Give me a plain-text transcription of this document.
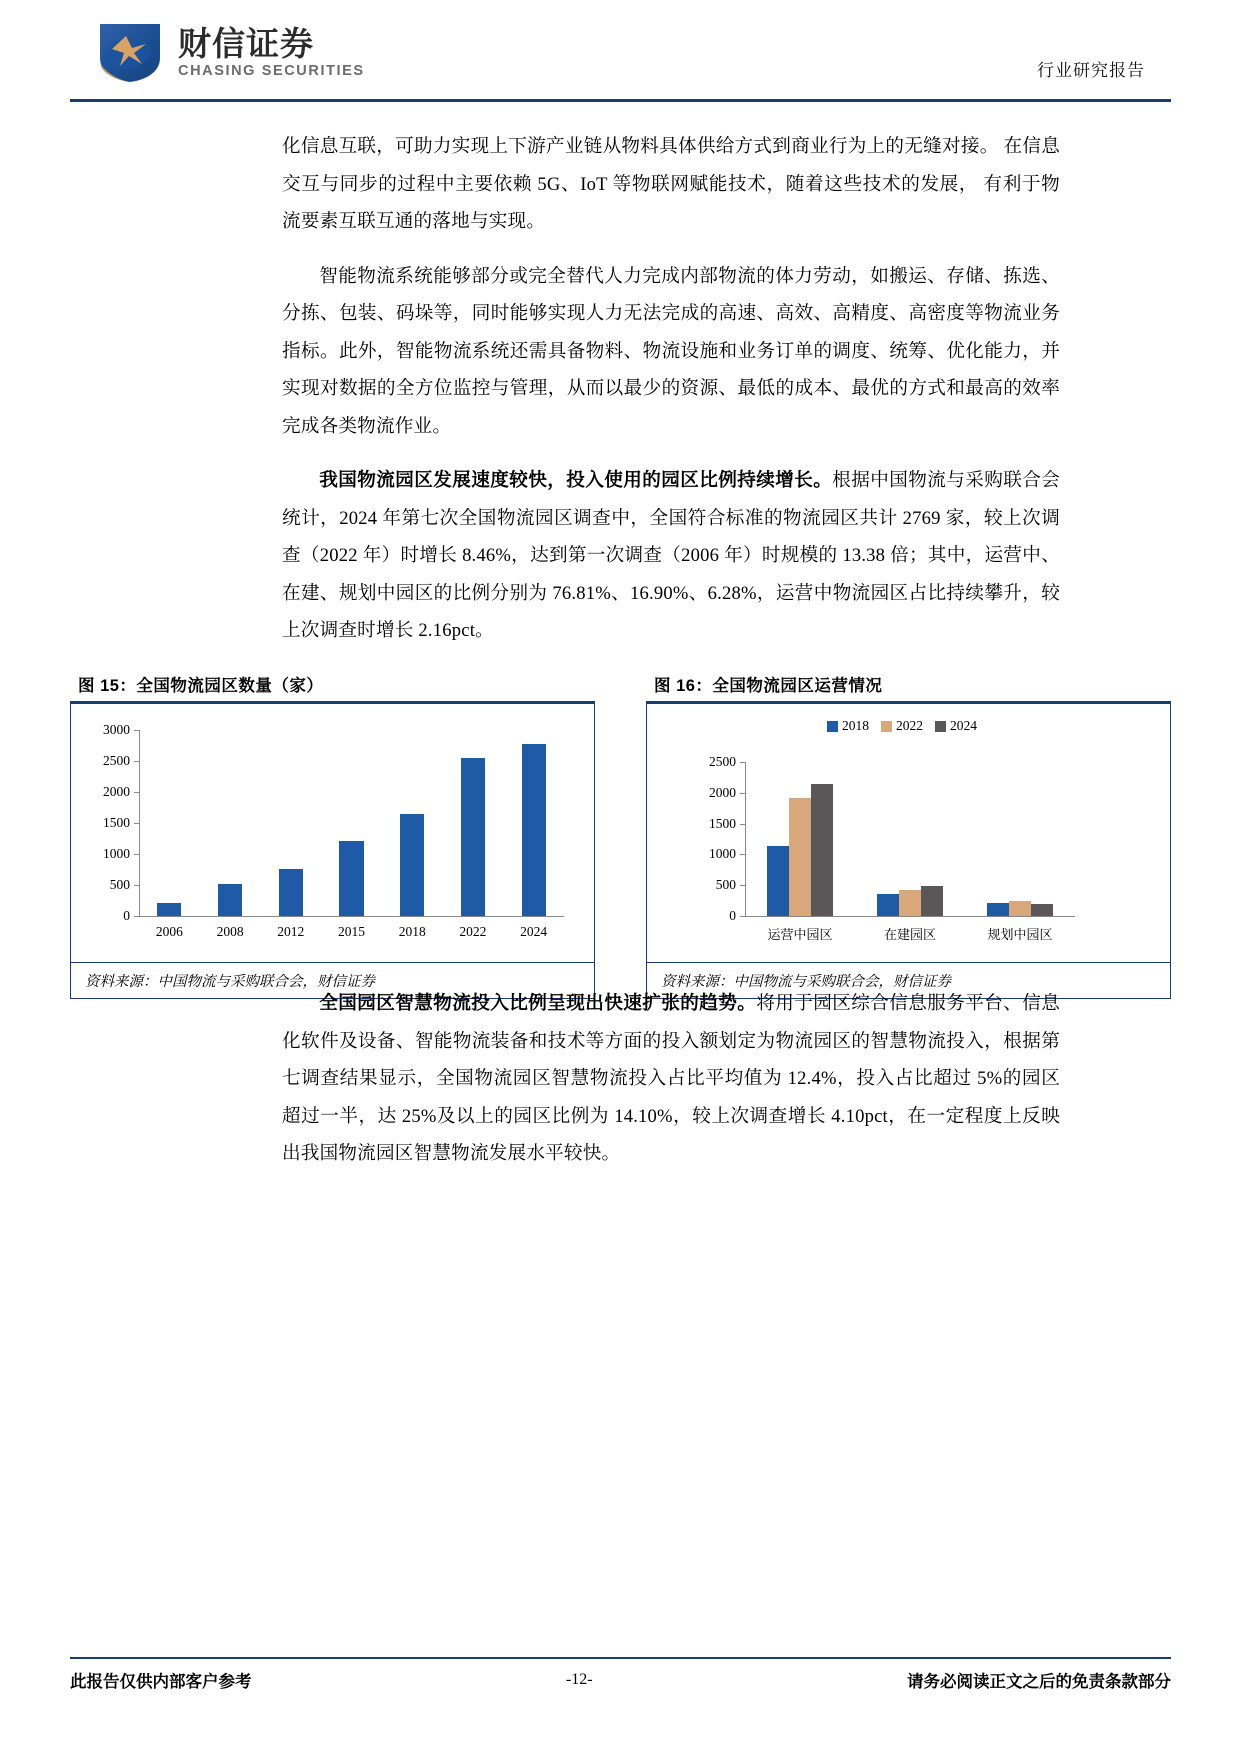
财信证券
CHASING SECURITIES	行业研究报告

化信息互联，可助力实现上下游产业链从物料具体供给方式到商业行为上的无缝对接。 在信息交互与同步的过程中主要依赖 5G、IoT 等物联网赋能技术，随着这些技术的发展， 有利于物流要素互联互通的落地与实现。

智能物流系统能够部分或完全替代人力完成内部物流的体力劳动，如搬运、存储、拣选、分拣、包装、码垛等，同时能够实现人力无法完成的高速、高效、高精度、高密度等物流业务指标。此外，智能物流系统还需具备物料、物流设施和业务订单的调度、统筹、优化能力，并实现对数据的全方位监控与管理，从而以最少的资源、最低的成本、最优的方式和最高的效率完成各类物流作业。

我国物流园区发展速度较快，投入使用的园区比例持续增长。根据中国物流与采购联合会统计，2024 年第七次全国物流园区调查中，全国符合标准的物流园区共计 2769 家，较上次调查（2022 年）时增长 8.46%，达到第一次调查（2006 年）时规模的 13.38 倍；其中，运营中、在建、规划中园区的比例分别为 76.81%、16.90%、6.28%，运营中物流园区占比持续攀升，较上次调查时增长 2.16pct。

图 15：全国物流园区数量（家）
0
500
1000
1500
2000
2500
3000
2006 2008 2012 2015 2018 2022 2024
资料来源：中国物流与采购联合会，财信证券
图 16：全国物流园区运营情况
0
500
1000
1500
2000
2500
2018 2022 2024
运营中园区	在建园区	规划中园区
资料来源：中国物流与采购联合会，财信证券

全国园区智慧物流投入比例呈现出快速扩张的趋势。将用于园区综合信息服务平台、信息化软件及设备、智能物流装备和技术等方面的投入额划定为物流园区的智慧物流投入，根据第七调查结果显示，全国物流园区智慧物流投入占比平均值为 12.4%，投入占比超过 5%的园区超过一半，达 25%及以上的园区比例为 14.10%，较上次调查增长 4.10pct，在一定程度上反映出我国物流园区智慧物流发展水平较快。

此报告仅供内部客户参考	-12-	请务必阅读正文之后的免责条款部分
